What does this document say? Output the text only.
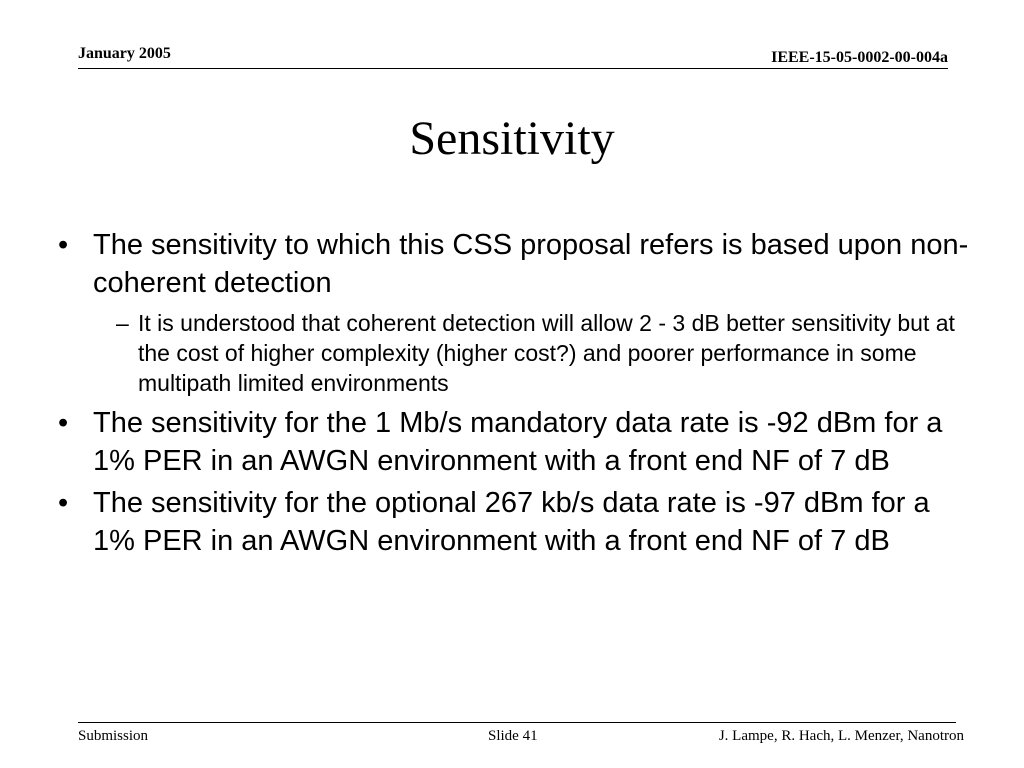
January 2005	IEEE-15-05-0002-00-004a
Sensitivity
• The sensitivity to which this CSS proposal refers is based upon non-coherent detection
– It is understood that coherent detection will allow 2 - 3 dB better sensitivity but at the cost of higher complexity (higher cost?) and poorer performance in some multipath limited environments
• The sensitivity for the 1 Mb/s mandatory data rate is -92 dBm for a 1% PER in an AWGN environment with a front end NF of 7 dB
• The sensitivity for the optional 267 kb/s data rate is -97 dBm for a 1% PER in an AWGN environment with a front end NF of 7 dB
Submission	Slide 41	J. Lampe, R. Hach, L. Menzer, Nanotron
